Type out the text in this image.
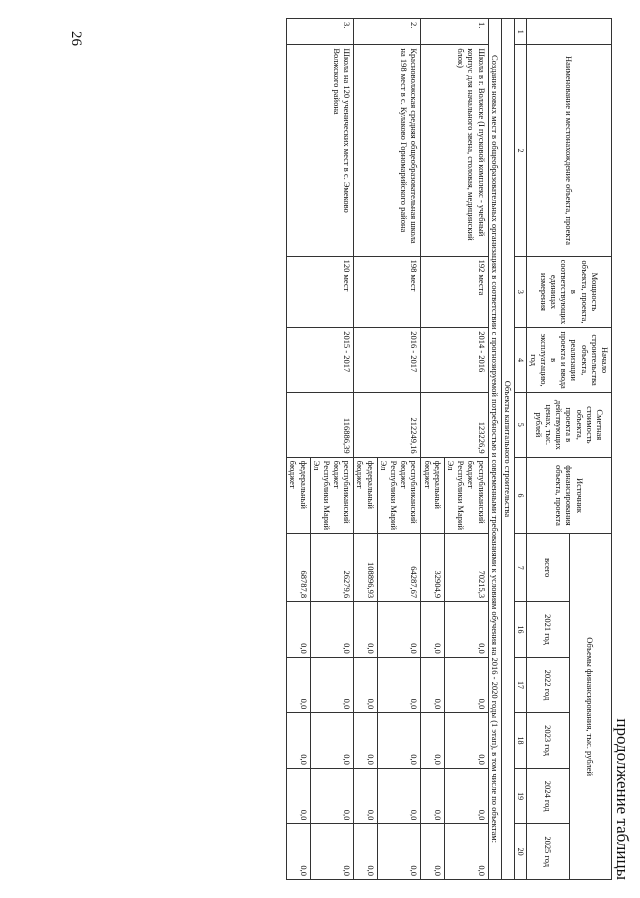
26
продолжение таблицы
	Наименование и местонахождение объекта, проекта	Мощность объекта, проекта, в соответствующих единицах измерения	Начало строительства объекта, реализации проекта и ввода в эксплуатацию, год	Сметная стоимость объекта, проекта в действующих ценах, тыс. рублей	Источник финансирования объекта, проекта	Объемы финансирования, тыс. рублей					
						всего	2021 год	2022 год	2023 год	2024 год	2025 год
1	2	3	4	5	6	7	16	17	18	19	20
Объекты капитального строительства											
Создание новых мест в общеобразовательных организациях в соответствии с прогнозируемой потребностью и современными требованиями к условиям обучения на 2016 - 2020 годы (1 этап), в том числе по объектам:											
1.	Школа в г. Волжске (I пусковой комплекс - учебный корпус для начального звена, столовая, медицинский блок)	192 места	2014 - 2016	123226,9	республиканский бюджет Республики Марий Эл	70215,3	0,0	0,0	0,0	0,0	0,0
					федеральный бюджет	32904,9	0,0	0,0	0,0	0,0	0,0
2.	Красноволжская средняя общеобразовательная школа на 198 мест в с. Кулаково Горномарийского района	198 мест	2016 - 2017	212249,16	республиканский бюджет Республики Марий Эл	64287,67	0,0	0,0	0,0	0,0	0,0
					федеральный бюджет	108896,93	0,0	0,0	0,0	0,0	0,0
3.	Школа на 120 ученических мест в с. Эмеково Волжского района	120 мест	2015 - 2017	116886,39	республиканский бюджет Республики Марий Эл	26279,6	0,0	0,0	0,0	0,0	0,0
					федеральный бюджет	68787,8	0,0	0,0	0,0	0,0	0,0
